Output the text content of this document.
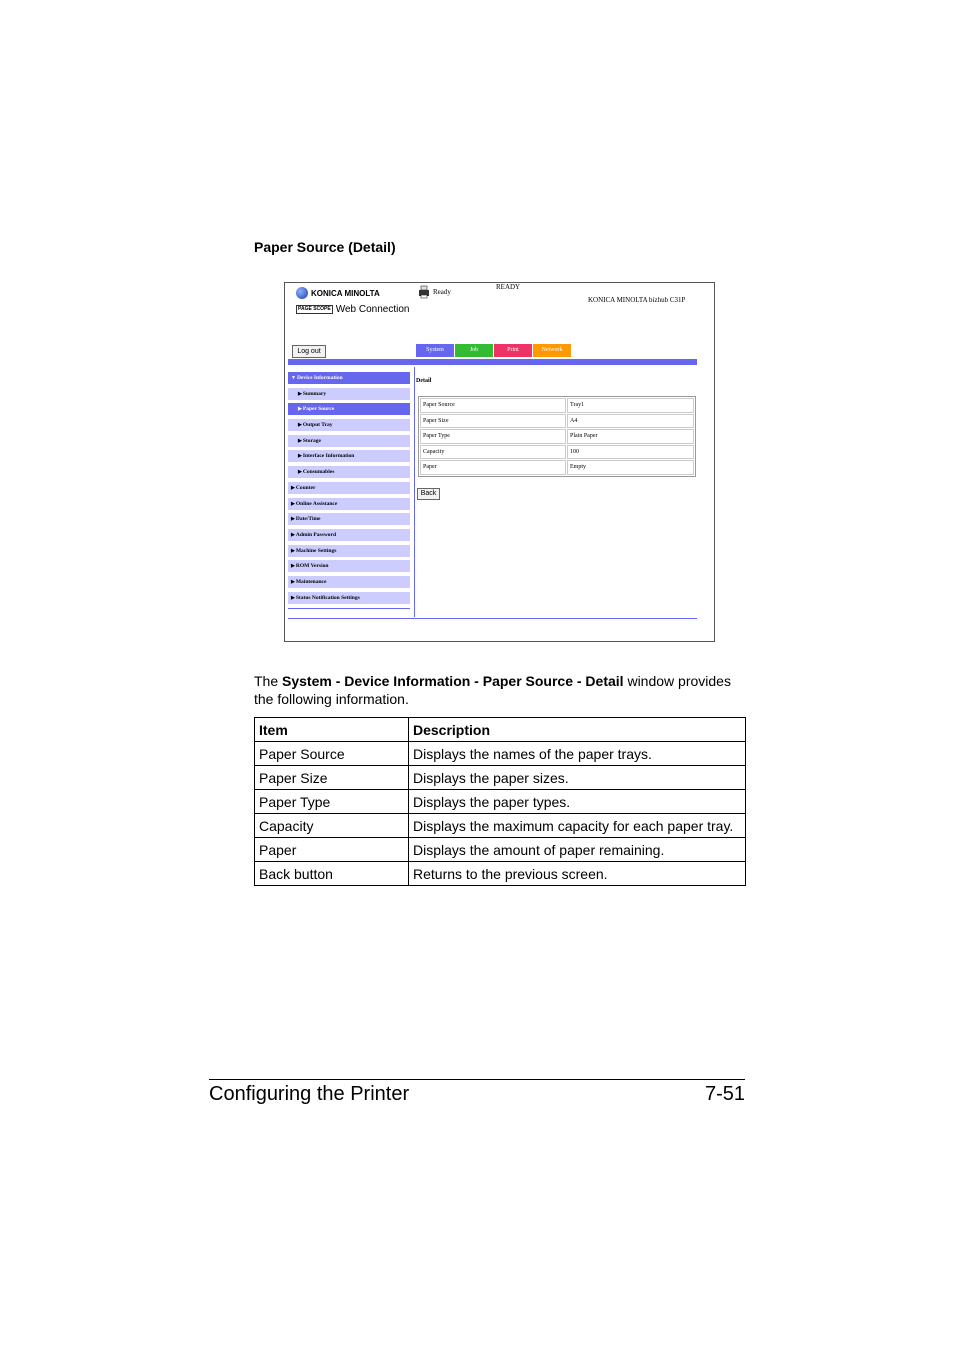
Paper Source (Detail)
KONICA MINOLTA
PAGE SCOPE Web Connection
Ready
READY
KONICA MINOLTA bizhub C31P
Log out	System	Job	Print	Network
▼Device Information
▶Summary
▶Paper Source
▶Output Tray
▶Storage
▶Interface Information
▶Consumables
▶Counter
▶Online Assistance
▶Date/Time
▶Admin Password
▶Machine Settings
▶ROM Version
▶Maintenance
▶Status Notification Settings
Detail
Paper Source	Tray1
Paper Size	A4
Paper Type	Plain Paper
Capacity	100
Paper	Empty
Back
The System - Device Information - Paper Source - Detail window provides the following information.
Item	Description
Paper Source	Displays the names of the paper trays.
Paper Size	Displays the paper sizes.
Paper Type	Displays the paper types.
Capacity	Displays the maximum capacity for each paper tray.
Paper	Displays the amount of paper remaining.
Back button	Returns to the previous screen.
Configuring the Printer	7-51
